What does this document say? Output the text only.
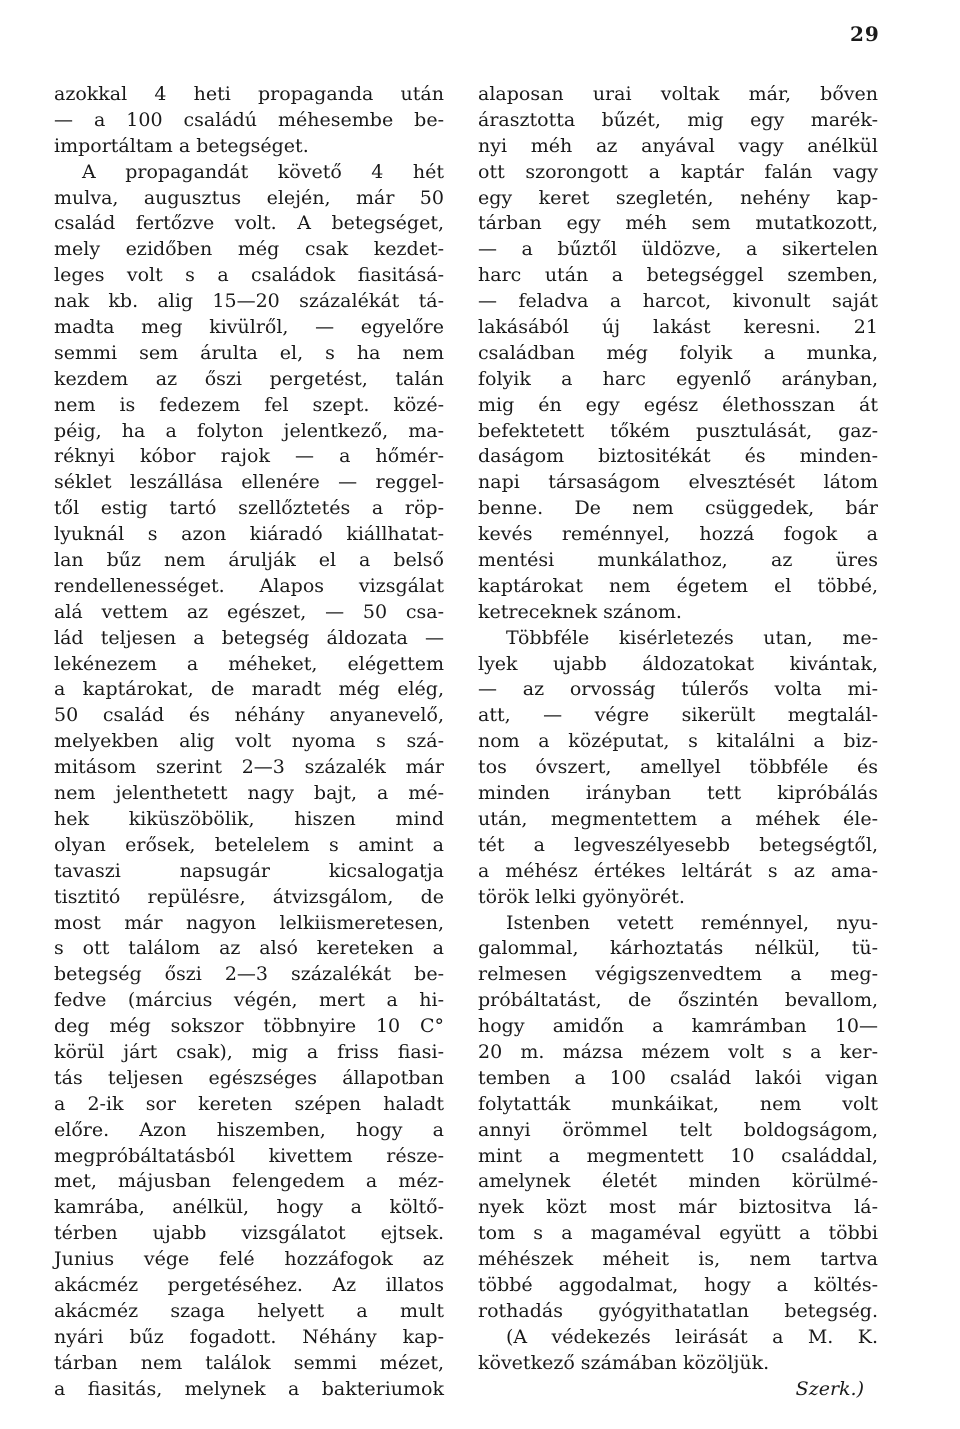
29
azokkal 4 heti propaganda után
— a 100 családú méhesembe be-
importáltam a betegséget.
A propagandát követő 4 hét
mulva, augusztus elején, már 50
család fertőzve volt. A betegséget,
mely ezidőben még csak kezdet-
leges volt s a családok fiasitásá-
nak kb. alig 15—20 százalékát tá-
madta meg kivülről, — egyelőre
semmi sem árulta el, s ha nem
kezdem az őszi pergetést, talán
nem is fedezem fel szept. közé-
péig, ha a folyton jelentkező, ma-
réknyi kóbor rajok — a hőmér-
séklet leszállása ellenére — reggel-
től estig tartó szellőztetés a röp-
lyuknál s azon kiáradó kiállhatat-
lan bűz nem árulják el a belső
rendellenességet. Alapos vizsgálat
alá vettem az egészet, — 50 csa-
lád teljesen a betegség áldozata —
lekénezem a méheket, elégettem
a kaptárokat, de maradt még elég,
50 család és néhány anyanevelő,
melyekben alig volt nyoma s szá-
mitásom szerint 2—3 százalék már
nem jelenthetett nagy bajt, a mé-
hek kiküszöbölik, hiszen mind
olyan erősek, betelelem s amint a
tavaszi napsugár kicsalogatja
tisztitó repülésre, átvizsgálom, de
most már nagyon lelkiismeretesen,
s ott találom az alsó kereteken a
betegség őszi 2—3 százalékát be-
fedve (március végén, mert a hi-
deg még sokszor többnyire 10 C°
körül járt csak), mig a friss fiasi-
tás teljesen egészséges állapotban
a 2-ik sor kereten szépen haladt
előre. Azon hiszemben, hogy a
megpróbáltatásból kivettem része-
met, májusban felengedem a méz-
kamrába, anélkül, hogy a költő-
térben ujabb vizsgálatot ejtsek.
Junius vége felé hozzáfogok az
akácméz pergetéséhez. Az illatos
akácméz szaga helyett a mult
nyári bűz fogadott. Néhány kap-
tárban nem találok semmi mézet,
a fiasitás, melynek a bakteriumok
alaposan urai voltak már, bőven
árasztotta bűzét, mig egy marék-
nyi méh az anyával vagy anélkül
ott szorongott a kaptár falán vagy
egy keret szegletén, nehény kap-
tárban egy méh sem mutatkozott,
— a bűztől üldözve, a sikertelen
harc után a betegséggel szemben,
— feladva a harcot, kivonult saját
lakásából új lakást keresni. 21
családban még folyik a munka,
folyik a harc egyenlő arányban,
mig én egy egész élethosszan át
befektetett tőkém pusztulását, gaz-
daságom biztositékát és minden-
napi társaságom elvesztését látom
benne. De nem csüggedek, bár
kevés reménnyel, hozzá fogok a
mentési munkálathoz, az üres
kaptárokat nem égetem el többé,
ketreceknek szánom.
Többféle kisérletezés utan, me-
lyek ujabb áldozatokat kivántak,
— az orvosság túlerős volta mi-
att, — végre sikerült megtalál-
nom a középutat, s kitalálni a biz-
tos óvszert, amellyel többféle és
minden irányban tett kipróbálás
után, megmentettem a méhek éle-
tét a legveszélyesebb betegségtől,
a méhész értékes leltárát s az ama-
török lelki gyönyörét.
Istenben vetett reménnyel, nyu-
galommal, kárhoztatás nélkül, tü-
relmesen végigszenvedtem a meg-
próbáltatást, de őszintén bevallom,
hogy amidőn a kamrámban 10—
20 m. mázsa mézem volt s a ker-
temben a 100 család lakói vigan
folytatták munkáikat, nem volt
annyi örömmel telt boldogságom,
mint a megmentett 10 családdal,
amelynek életét minden körülmé-
nyek közt most már biztositva lá-
tom s a magaméval együtt a többi
méhészek méheit is, nem tartva
többé aggodalmat, hogy a költés-
rothadás gyógyithatatlan betegség.
(A védekezés leirását a M. K.
következő számában közöljük.
Szerk.)
